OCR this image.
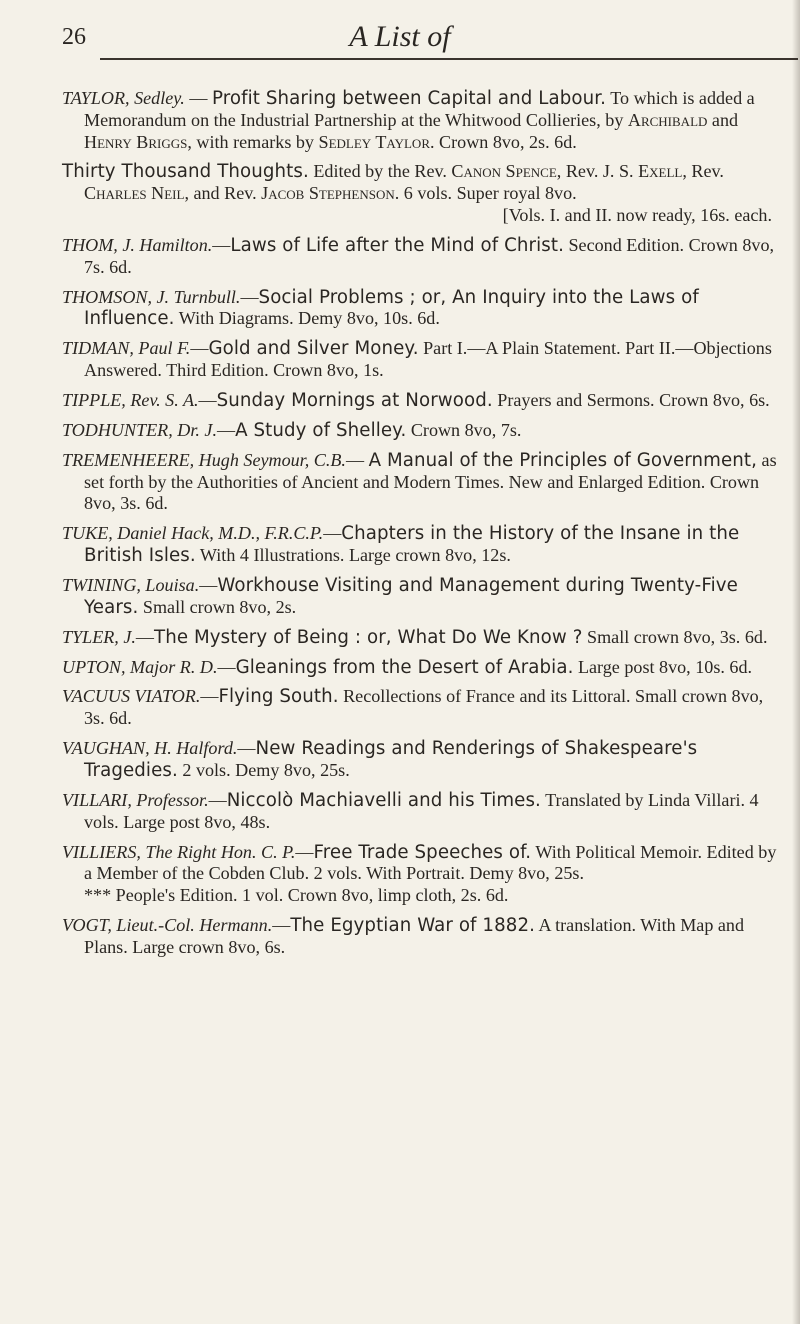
26	A List of

TAYLOR, Sedley. — Profit Sharing between Capital and Labour. To which is added a Memorandum on the Industrial Partnership at the Whitwood Collieries, by Archibald and Henry Briggs, with remarks by Sedley Taylor. Crown 8vo, 2s. 6d.

Thirty Thousand Thoughts. Edited by the Rev. Canon Spence, Rev. J. S. Exell, Rev. Charles Neil, and Rev. Jacob Stephenson. 6 vols. Super royal 8vo.
[Vols. I. and II. now ready, 16s. each.

THOM, J. Hamilton.—Laws of Life after the Mind of Christ. Second Edition. Crown 8vo, 7s. 6d.

THOMSON, J. Turnbull.—Social Problems ; or, An Inquiry into the Laws of Influence. With Diagrams. Demy 8vo, 10s. 6d.

TIDMAN, Paul F.—Gold and Silver Money. Part I.—A Plain Statement. Part II.—Objections Answered. Third Edition. Crown 8vo, 1s.

TIPPLE, Rev. S. A.—Sunday Mornings at Norwood. Prayers and Sermons. Crown 8vo, 6s.

TODHUNTER, Dr. J.—A Study of Shelley. Crown 8vo, 7s.

TREMENHEERE, Hugh Seymour, C.B.— A Manual of the Principles of Government, as set forth by the Authorities of Ancient and Modern Times. New and Enlarged Edition. Crown 8vo, 3s. 6d.

TUKE, Daniel Hack, M.D., F.R.C.P.—Chapters in the History of the Insane in the British Isles. With 4 Illustrations. Large crown 8vo, 12s.

TWINING, Louisa.—Workhouse Visiting and Management during Twenty-Five Years. Small crown 8vo, 2s.

TYLER, J.—The Mystery of Being : or, What Do We Know ? Small crown 8vo, 3s. 6d.

UPTON, Major R. D.—Gleanings from the Desert of Arabia. Large post 8vo, 10s. 6d.

VACUUS VIATOR.—Flying South. Recollections of France and its Littoral. Small crown 8vo, 3s. 6d.

VAUGHAN, H. Halford.—New Readings and Renderings of Shakespeare's Tragedies. 2 vols. Demy 8vo, 25s.

VILLARI, Professor.—Niccolò Machiavelli and his Times. Translated by Linda Villari. 4 vols. Large post 8vo, 48s.

VILLIERS, The Right Hon. C. P.—Free Trade Speeches of. With Political Memoir. Edited by a Member of the Cobden Club. 2 vols. With Portrait. Demy 8vo, 25s.
*** People's Edition. 1 vol. Crown 8vo, limp cloth, 2s. 6d.

VOGT, Lieut.-Col. Hermann.—The Egyptian War of 1882. A translation. With Map and Plans. Large crown 8vo, 6s.
